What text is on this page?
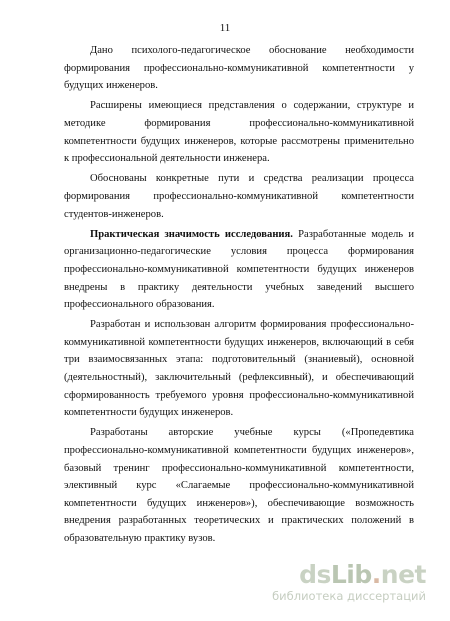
11

Дано психолого-педагогическое обоснование необходимости формирования профессионально-коммуникативной компетентности у будущих инженеров.

Расширены имеющиеся представления о содержании, структуре и методике формирования профессионально-коммуникативной компетентности будущих инженеров, которые рассмотрены применительно к профессиональной деятельности инженера.

Обоснованы конкретные пути и средства реализации процесса формирования профессионально-коммуникативной компетентности студентов-инженеров.

Практическая значимость исследования. Разработанные модель и организационно-педагогические условия процесса формирования профессионально-коммуникативной компетентности будущих инженеров внедрены в практику деятельности учебных заведений высшего профессионального образования.

Разработан и использован алгоритм формирования профессионально-коммуникативной компетентности будущих инженеров, включающий в себя три взаимосвязанных этапа: подготовительный (знаниевый), основной (деятельностный), заключительный (рефлексивный), и обеспечивающий сформированность требуемого уровня профессионально-коммуникативной компетентности будущих инженеров.

Разработаны авторские учебные курсы («Пропедевтика профессионально-коммуникативной компетентности будущих инженеров», базовый тренинг профессионально-коммуникативной компетентности, элективный курс «Слагаемые профессионально-коммуникативной компетентности будущих инженеров»), обеспечивающие возможность внедрения разработанных теоретических и практических положений в образовательную практику вузов.

dsLib.net
библиотека диссертаций
